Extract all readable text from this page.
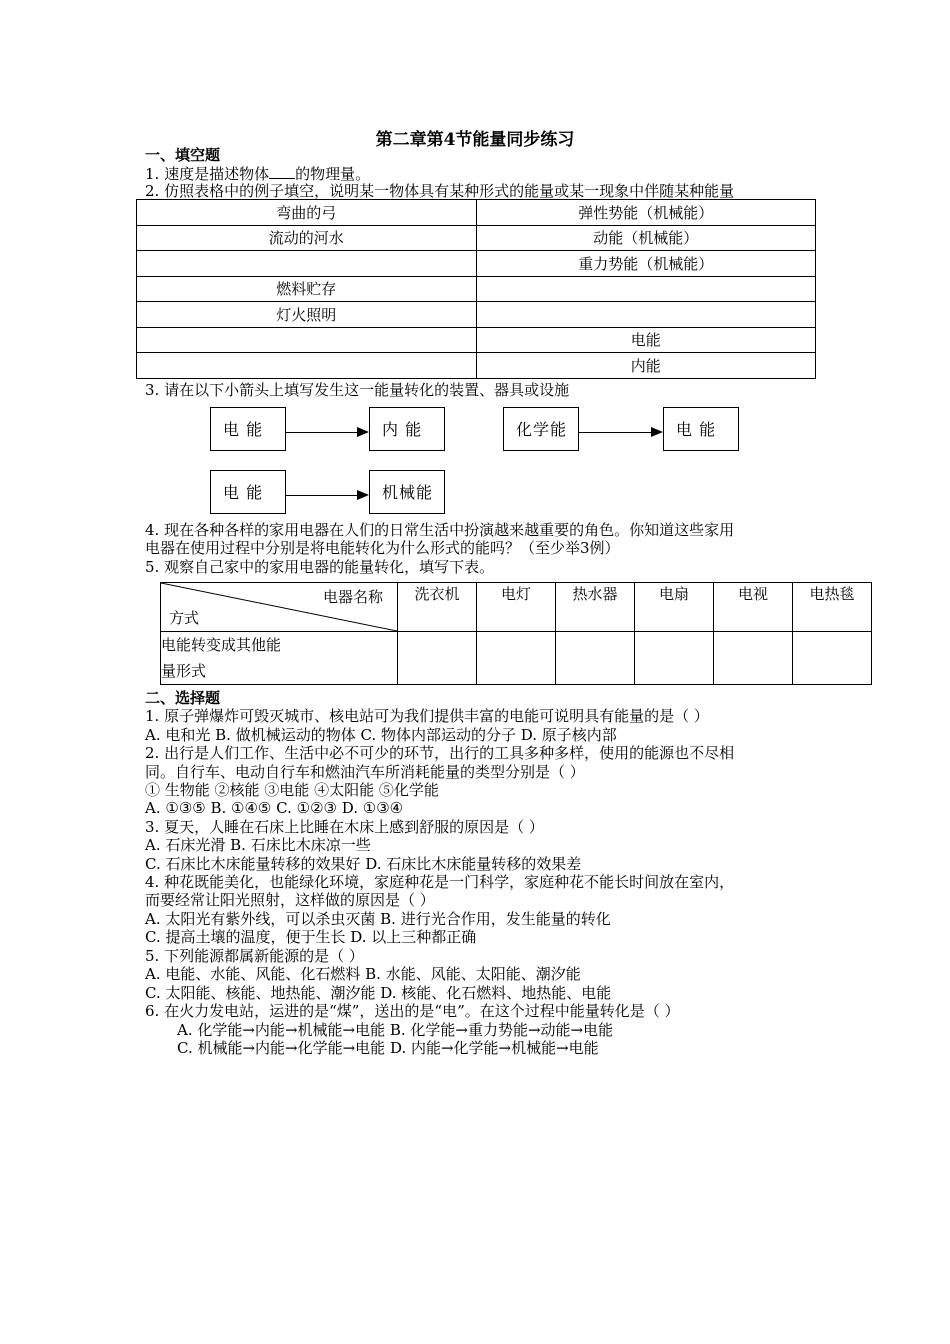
第二章第4节能量同步练习
一、填空题
1. 速度是描述物体 的物理量。
2. 仿照表格中的例子填空，说明某一物体具有某种形式的能量或某一现象中伴随某种能量
弯曲的弓	弹性势能（机械能）
流动的河水	动能（机械能）
	重力势能（机械能）
燃料贮存	
灯火照明	
	电能
	内能
3. 请在以下小箭头上填写发生这一能量转化的装置、器具或设施
电 能	内 能	化学能	电 能
电 能	机械能
4. 现在各种各样的家用电器在人们的日常生活中扮演越来越重要的角色。你知道这些家用
电器在使用过程中分别是将电能转化为什么形式的能吗？（至少举3例）
5. 观察自己家中的家用电器的能量转化，填写下表。
电器名称
方式	洗衣机	电灯	热水器	电扇	电视	电热毯

电能转变成其他能
量形式						

二、选择题
1. 原子弹爆炸可毁灭城市、核电站可为我们提供丰富的电能可说明具有能量的是（ ）
A. 电和光 B. 做机械运动的物体 C. 物体内部运动的分子 D. 原子核内部
2. 出行是人们工作、生活中必不可少的环节，出行的工具多种多样，使用的能源也不尽相
同。自行车、电动自行车和燃油汽车所消耗能量的类型分别是（ ）
① 生物能 ②核能 ③电能 ④太阳能 ⑤化学能
A. ①③⑤ B. ①④⑤ C. ①②③ D. ①③④
3. 夏天，人睡在石床上比睡在木床上感到舒服的原因是（ ）
A. 石床光滑 B. 石床比木床凉一些
C. 石床比木床能量转移的效果好 D. 石床比木床能量转移的效果差
4. 种花既能美化，也能绿化环境，家庭种花是一门科学，家庭种花不能长时间放在室内，
而要经常让阳光照射，这样做的原因是（ ）
A. 太阳光有紫外线，可以杀虫灭菌 B. 进行光合作用，发生能量的转化
C. 提高土壤的温度，便于生长 D. 以上三种都正确
5. 下列能源都属新能源的是（ ）
A. 电能、水能、风能、化石燃料 B. 水能、风能、太阳能、潮汐能
C. 太阳能、核能、地热能、潮汐能 D. 核能、化石燃料、地热能、电能
6. 在火力发电站，运进的是“煤”，送出的是“电”。在这个过程中能量转化是（ ）
A. 化学能→内能→机械能→电能 B. 化学能→重力势能→动能→电能
C. 机械能→内能→化学能→电能 D. 内能→化学能→机械能→电能
